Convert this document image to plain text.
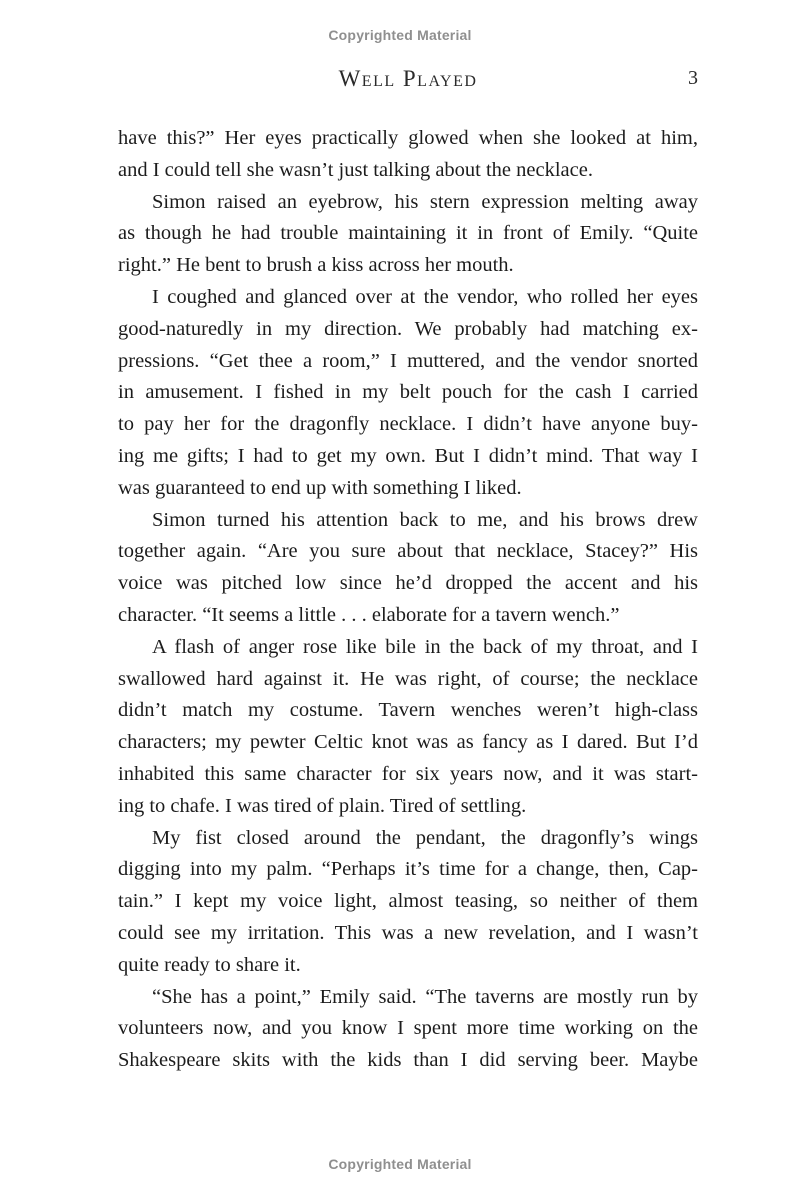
Copyrighted Material
Well Played	3
have this?” Her eyes practically glowed when she looked at him,
and I could tell she wasn’t just talking about the necklace.
Simon raised an eyebrow, his stern expression melting away
as though he had trouble maintaining it in front of Emily. “Quite
right.” He bent to brush a kiss across her mouth.
I coughed and glanced over at the vendor, who rolled her eyes
good-naturedly in my direction. We probably had matching ex-
pressions. “Get thee a room,” I muttered, and the vendor snorted
in amusement. I fished in my belt pouch for the cash I carried
to pay her for the dragonfly necklace. I didn’t have anyone buy-
ing me gifts; I had to get my own. But I didn’t mind. That way I
was guaranteed to end up with something I liked.
Simon turned his attention back to me, and his brows drew
together again. “Are you sure about that necklace, Stacey?” His
voice was pitched low since he’d dropped the accent and his
character. “It seems a little . . . elaborate for a tavern wench.”
A flash of anger rose like bile in the back of my throat, and I
swallowed hard against it. He was right, of course; the necklace
didn’t match my costume. Tavern wenches weren’t high-class
characters; my pewter Celtic knot was as fancy as I dared. But I’d
inhabited this same character for six years now, and it was start-
ing to chafe. I was tired of plain. Tired of settling.
My fist closed around the pendant, the dragonfly’s wings
digging into my palm. “Perhaps it’s time for a change, then, Cap-
tain.” I kept my voice light, almost teasing, so neither of them
could see my irritation. This was a new revelation, and I wasn’t
quite ready to share it.
“She has a point,” Emily said. “The taverns are mostly run by
volunteers now, and you know I spent more time working on the
Shakespeare skits with the kids than I did serving beer. Maybe
Copyrighted Material
